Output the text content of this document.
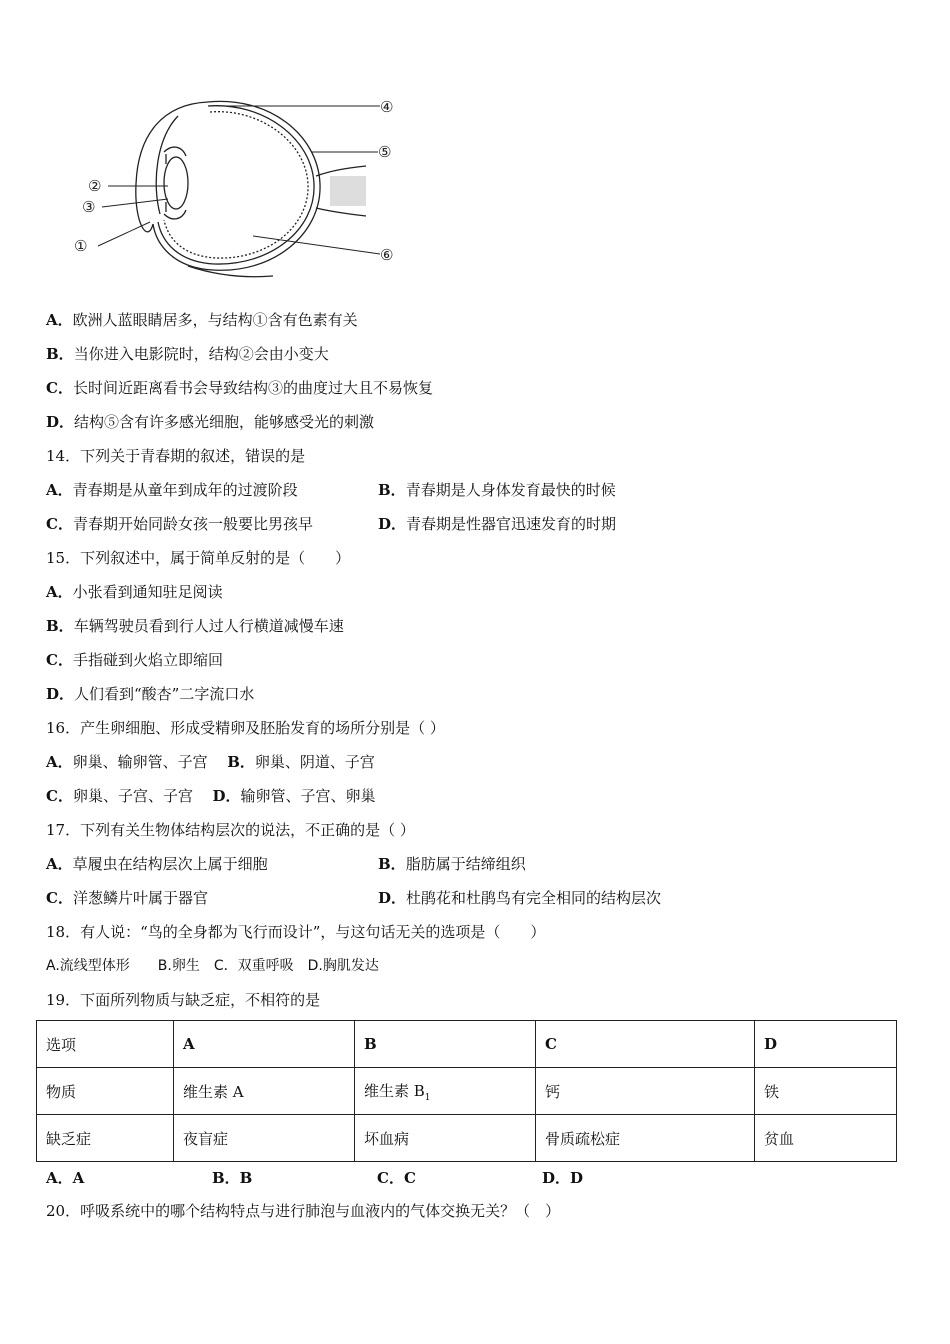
④
⑤
②
③
①	⑥
A．欧洲人蓝眼睛居多，与结构①含有色素有关
B．当你进入电影院时，结构②会由小变大
C．长时间近距离看书会导致结构③的曲度过大且不易恢复
D．结构⑤含有许多感光细胞，能够感受光的刺激
14．下列关于青春期的叙述，错误的是
A．青春期是从童年到成年的过渡阶段	B．青春期是人身体发育最快的时候
C．青春期开始同龄女孩一般要比男孩早	D．青春期是性器官迅速发育的时期
15．下列叙述中，属于简单反射的是（　　）
A．小张看到通知驻足阅读
B．车辆驾驶员看到行人过人行横道减慢车速
C．手指碰到火焰立即缩回
D．人们看到“酸杏”二字流口水
16．产生卵细胞、形成受精卵及胚胎发育的场所分别是（ ）
A．卵巢、输卵管、子宫 B．卵巢、阴道、子宫
C．卵巢、子宫、子宫 D．输卵管、子宫、卵巢
17．下列有关生物体结构层次的说法，不正确的是（ ）
A．草履虫在结构层次上属于细胞	B．脂肪属于结缔组织
C．洋葱鳞片叶属于器官	D．杜鹃花和杜鹃鸟有完全相同的结构层次
18．有人说：“鸟的全身都为飞行而设计”，与这句话无关的选项是（　　）
A.流线型体形　　B.卵生　C．双重呼吸　D.胸肌发达
19．下面所列物质与缺乏症，不相符的是
选项	A	B	C	D
物质	维生素 A	维生素 $B_1$	钙	铁
缺乏症	夜盲症	坏血病	骨质疏松症	贫血
A．A	B．B	C．C	D．D
20．呼吸系统中的哪个结构特点与进行肺泡与血液内的气体交换无关？（　）
